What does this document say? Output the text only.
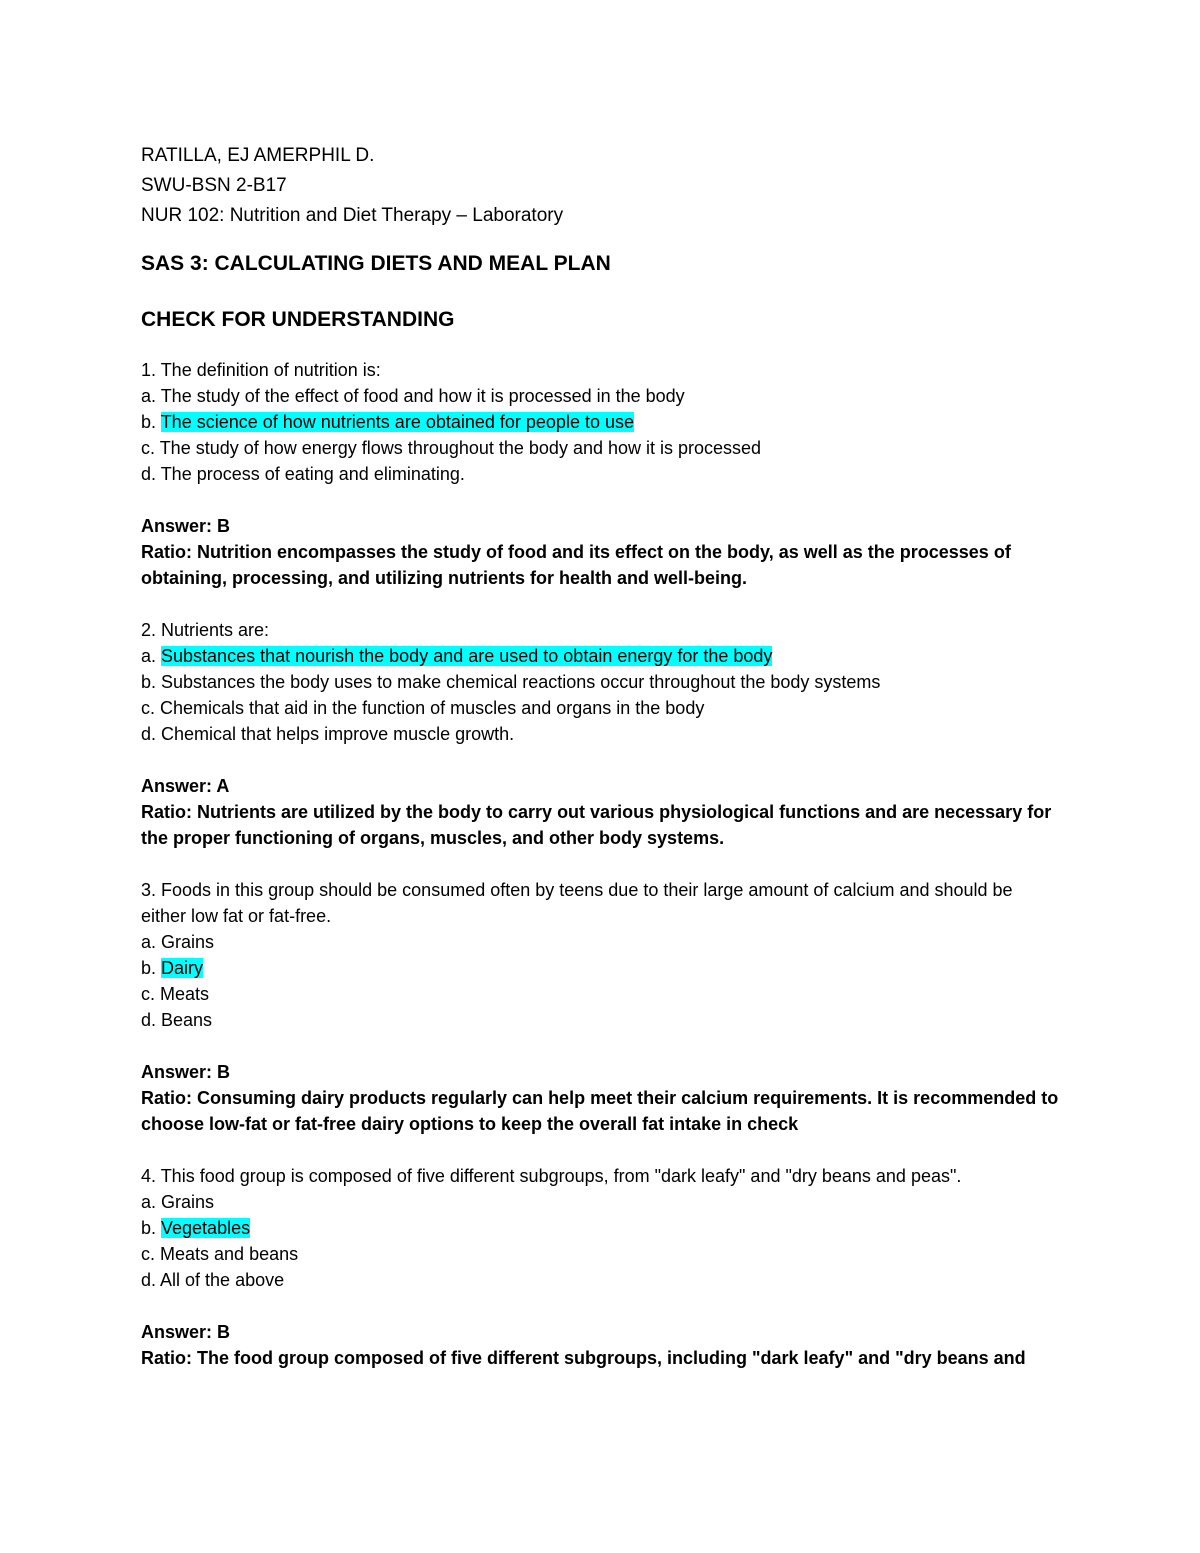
RATILLA, EJ AMERPHIL D.

SWU-BSN 2-B17

NUR 102: Nutrition and Diet Therapy – Laboratory

SAS 3: CALCULATING DIETS AND MEAL PLAN

CHECK FOR UNDERSTANDING

1. The definition of nutrition is:

a. The study of the effect of food and how it is processed in the body

b. The science of how nutrients are obtained for people to use

c. The study of how energy flows throughout the body and how it is processed

d. The process of eating and eliminating.

Answer: B

Ratio: Nutrition encompasses the study of food and its effect on the body, as well as the processes of obtaining, processing, and utilizing nutrients for health and well-being.

2. Nutrients are:

a. Substances that nourish the body and are used to obtain energy for the body

b. Substances the body uses to make chemical reactions occur throughout the body systems

c. Chemicals that aid in the function of muscles and organs in the body

d. Chemical that helps improve muscle growth.

Answer: A

Ratio: Nutrients are utilized by the body to carry out various physiological functions and are necessary for the proper functioning of organs, muscles, and other body systems.

3. Foods in this group should be consumed often by teens due to their large amount of calcium and should be either low fat or fat-free.

a. Grains

b. Dairy

c. Meats

d. Beans

Answer: B

Ratio: Consuming dairy products regularly can help meet their calcium requirements. It is recommended to choose low-fat or fat-free dairy options to keep the overall fat intake in check

4. This food group is composed of five different subgroups, from "dark leafy" and "dry beans and peas".

a. Grains

b. Vegetables

c. Meats and beans

d. All of the above

Answer: B

Ratio: The food group composed of five different subgroups, including "dark leafy" and "dry beans and
